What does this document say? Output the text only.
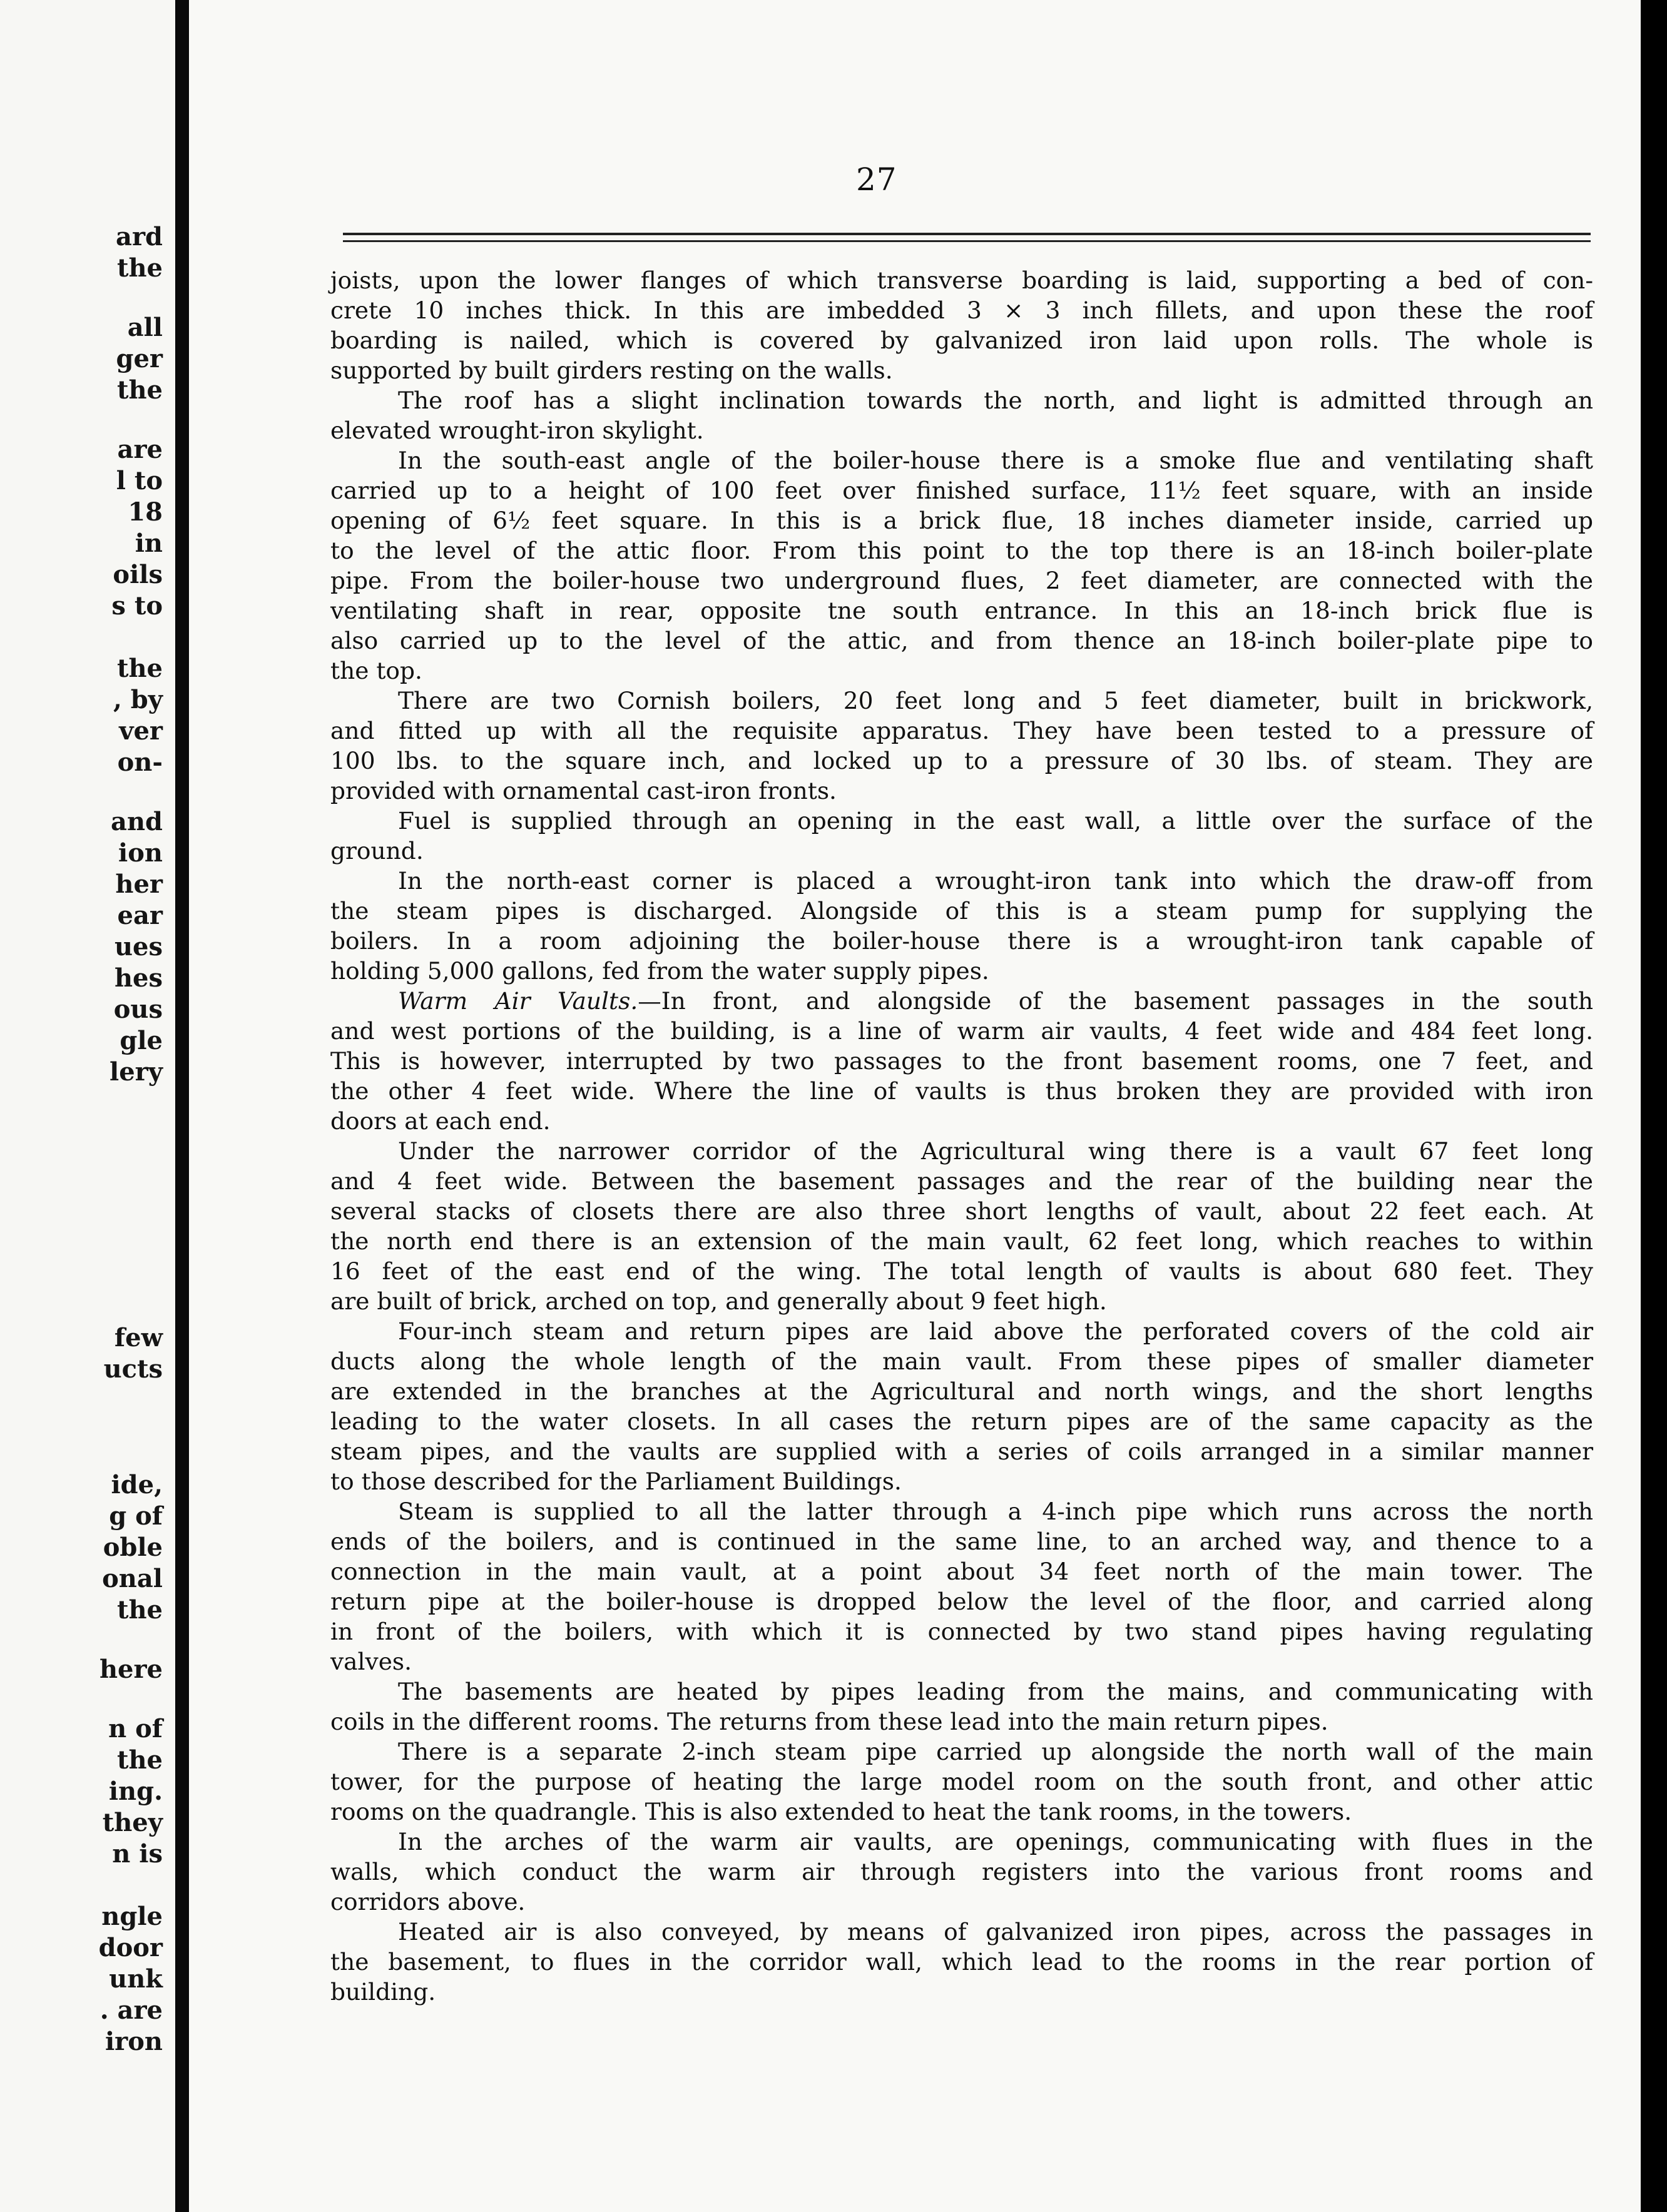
ard
the
all
ger
the
are
l to
18
in
oils
s to
the
, by
ver
on-
and
ion
her
ear
ues
hes
ous
gle
lery
few
ucts
ide,
g of
oble
onal
the
here
n of
the
ing.
they
n is
ngle
door
unk
. are
iron
27
joists, upon the lower flanges of which transverse boarding is laid, supporting a bed of con-
crete 10 inches thick. In this are imbedded 3 × 3 inch fillets, and upon these the roof
boarding is nailed, which is covered by galvanized iron laid upon rolls. The whole is
supported by built girders resting on the walls.
The roof has a slight inclination towards the north, and light is admitted through an
elevated wrought-iron skylight.
In the south-east angle of the boiler-house there is a smoke flue and ventilating shaft
carried up to a height of 100 feet over finished surface, 11½ feet square, with an inside
opening of 6½ feet square. In this is a brick flue, 18 inches diameter inside, carried up
to the level of the attic floor. From this point to the top there is an 18-inch boiler-plate
pipe. From the boiler-house two underground flues, 2 feet diameter, are connected with the
ventilating shaft in rear, opposite tne south entrance. In this an 18-inch brick flue is
also carried up to the level of the attic, and from thence an 18-inch boiler-plate pipe to
the top.
There are two Cornish boilers, 20 feet long and 5 feet diameter, built in brickwork,
and fitted up with all the requisite apparatus. They have been tested to a pressure of
100 lbs. to the square inch, and locked up to a pressure of 30 lbs. of steam. They are
provided with ornamental cast-iron fronts.
Fuel is supplied through an opening in the east wall, a little over the surface of the
ground.
In the north-east corner is placed a wrought-iron tank into which the draw-off from
the steam pipes is discharged. Alongside of this is a steam pump for supplying the
boilers. In a room adjoining the boiler-house there is a wrought-iron tank capable of
holding 5,000 gallons, fed from the water supply pipes.
Warm Air Vaults.—In front, and alongside of the basement passages in the south
and west portions of the building, is a line of warm air vaults, 4 feet wide and 484 feet long.
This is however, interrupted by two passages to the front basement rooms, one 7 feet, and
the other 4 feet wide. Where the line of vaults is thus broken they are provided with iron
doors at each end.
Under the narrower corridor of the Agricultural wing there is a vault 67 feet long
and 4 feet wide. Between the basement passages and the rear of the building near the
several stacks of closets there are also three short lengths of vault, about 22 feet each. At
the north end there is an extension of the main vault, 62 feet long, which reaches to within
16 feet of the east end of the wing. The total length of vaults is about 680 feet. They
are built of brick, arched on top, and generally about 9 feet high.
Four-inch steam and return pipes are laid above the perforated covers of the cold air
ducts along the whole length of the main vault. From these pipes of smaller diameter
are extended in the branches at the Agricultural and north wings, and the short lengths
leading to the water closets. In all cases the return pipes are of the same capacity as the
steam pipes, and the vaults are supplied with a series of coils arranged in a similar manner
to those described for the Parliament Buildings.
Steam is supplied to all the latter through a 4-inch pipe which runs across the north
ends of the boilers, and is continued in the same line, to an arched way, and thence to a
connection in the main vault, at a point about 34 feet north of the main tower. The
return pipe at the boiler-house is dropped below the level of the floor, and carried along
in front of the boilers, with which it is connected by two stand pipes having regulating
valves.
The basements are heated by pipes leading from the mains, and communicating with
coils in the different rooms. The returns from these lead into the main return pipes.
There is a separate 2-inch steam pipe carried up alongside the north wall of the main
tower, for the purpose of heating the large model room on the south front, and other attic
rooms on the quadrangle. This is also extended to heat the tank rooms, in the towers.
In the arches of the warm air vaults, are openings, communicating with flues in the
walls, which conduct the warm air through registers into the various front rooms and
corridors above.
Heated air is also conveyed, by means of galvanized iron pipes, across the passages in
the basement, to flues in the corridor wall, which lead to the rooms in the rear portion of
building.
